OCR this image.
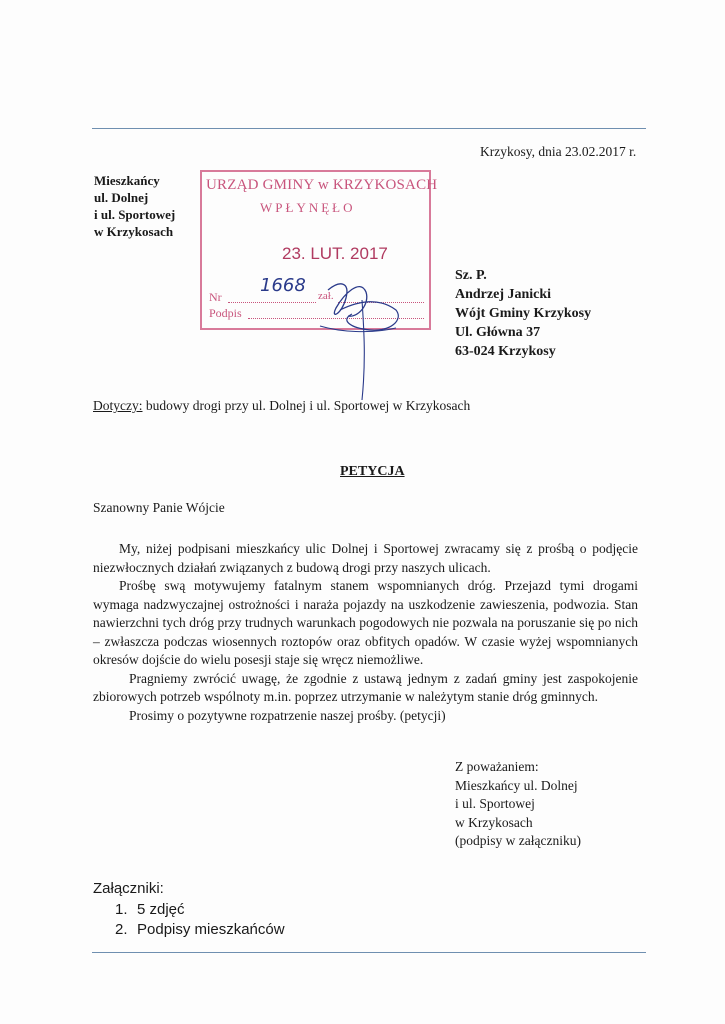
Krzykosy, dnia 23.02.2017 r.
Mieszkańcy
ul. Dolnej
i ul. Sportowej
w Krzykosach
URZĄD GMINY w KRZYKOSACH
WPŁYNĘŁO
23. LUT. 2017
1668
Nr	zał.
Podpis
Sz. P.
Andrzej Janicki
Wójt Gminy Krzykosy
Ul. Główna 37
63-024 Krzykosy
Dotyczy: budowy drogi przy ul. Dolnej i ul. Sportowej w Krzykosach
PETYCJA
Szanowny Panie Wójcie

My, niżej podpisani mieszkańcy ulic Dolnej i Sportowej zwracamy się z prośbą o podjęcie niezwłocznych działań związanych z budową drogi przy naszych ulicach.

Prośbę swą motywujemy fatalnym stanem wspomnianych dróg. Przejazd tymi drogami wymaga nadzwyczajnej ostrożności i naraża pojazdy na uszkodzenie zawieszenia, podwozia. Stan nawierzchni tych dróg przy trudnych warunkach pogodowych nie pozwala na poruszanie się po nich – zwłaszcza podczas wiosennych roztopów oraz obfitych opadów. W czasie wyżej wspomnianych okresów dojście do wielu posesji staje się wręcz niemożliwe.

Pragniemy zwrócić uwagę, że zgodnie z ustawą jednym z zadań gminy jest zaspokojenie zbiorowych potrzeb wspólnoty m.in. poprzez utrzymanie w należytym stanie dróg gminnych.

Prosimy o pozytywne rozpatrzenie naszej prośby. (petycji)

Z poważaniem:
Mieszkańcy ul. Dolnej
i ul. Sportowej
w Krzykosach
(podpisy w załączniku)
Załączniki:
1. 5 zdjęć
2. Podpisy mieszkańców
